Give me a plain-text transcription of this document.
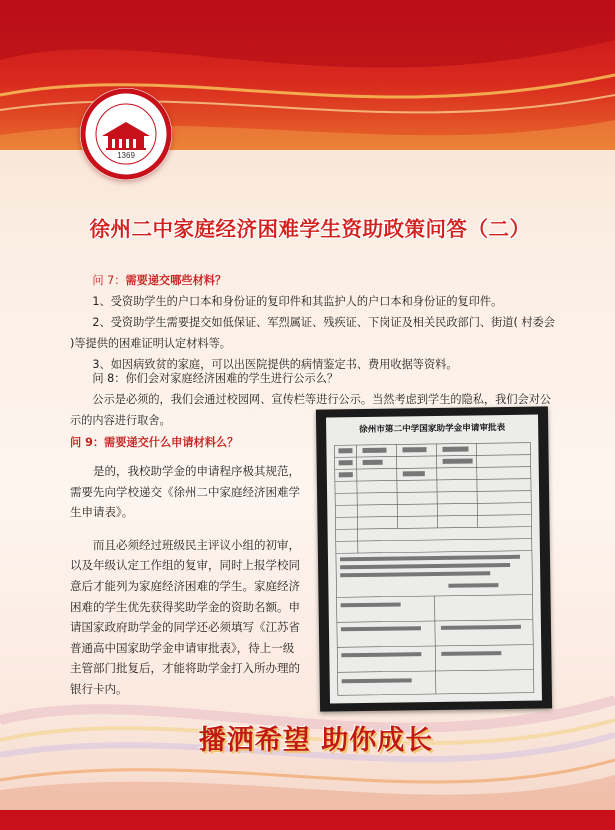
1369
徐州二中家庭经济困难学生资助政策问答（二）

问 7：需要递交哪些材料？

1、受资助学生的户口本和身份证的复印件和其监护人的户口本和身份证的复印件。

2、受资助学生需要提交如低保证、军烈属证、残疾证、下岗证及相关民政部门、街道( 村委会 )等提供的困难证明认定材料等。

3、如因病致贫的家庭，可以出医院提供的病情鉴定书、费用收据等资料。

问 8：你们会对家庭经济困难的学生进行公示么？

公示是必须的，我们会通过校园网、宣传栏等进行公示。当然考虑到学生的隐私，我们会对公示的内容进行取舍。

问 9：需要递交什么申请材料么？

是的，我校助学金的申请程序极其规范，需要先向学校递交《徐州二中家庭经济困难学生申请表》。

而且必须经过班级民主评议小组的初审，以及年级认定工作组的复审，同时上报学校同意后才能列为家庭经济困难的学生。家庭经济困难的学生优先获得奖助学金的资助名额。申请国家政府助学金的同学还必须填写《江苏省普通高中国家助学金申请审批表》，待上一级主管部门批复后，才能将助学金打入所办理的银行卡内。

徐州市第二中学国家助学金申请审批表
播洒希望 助你成长
